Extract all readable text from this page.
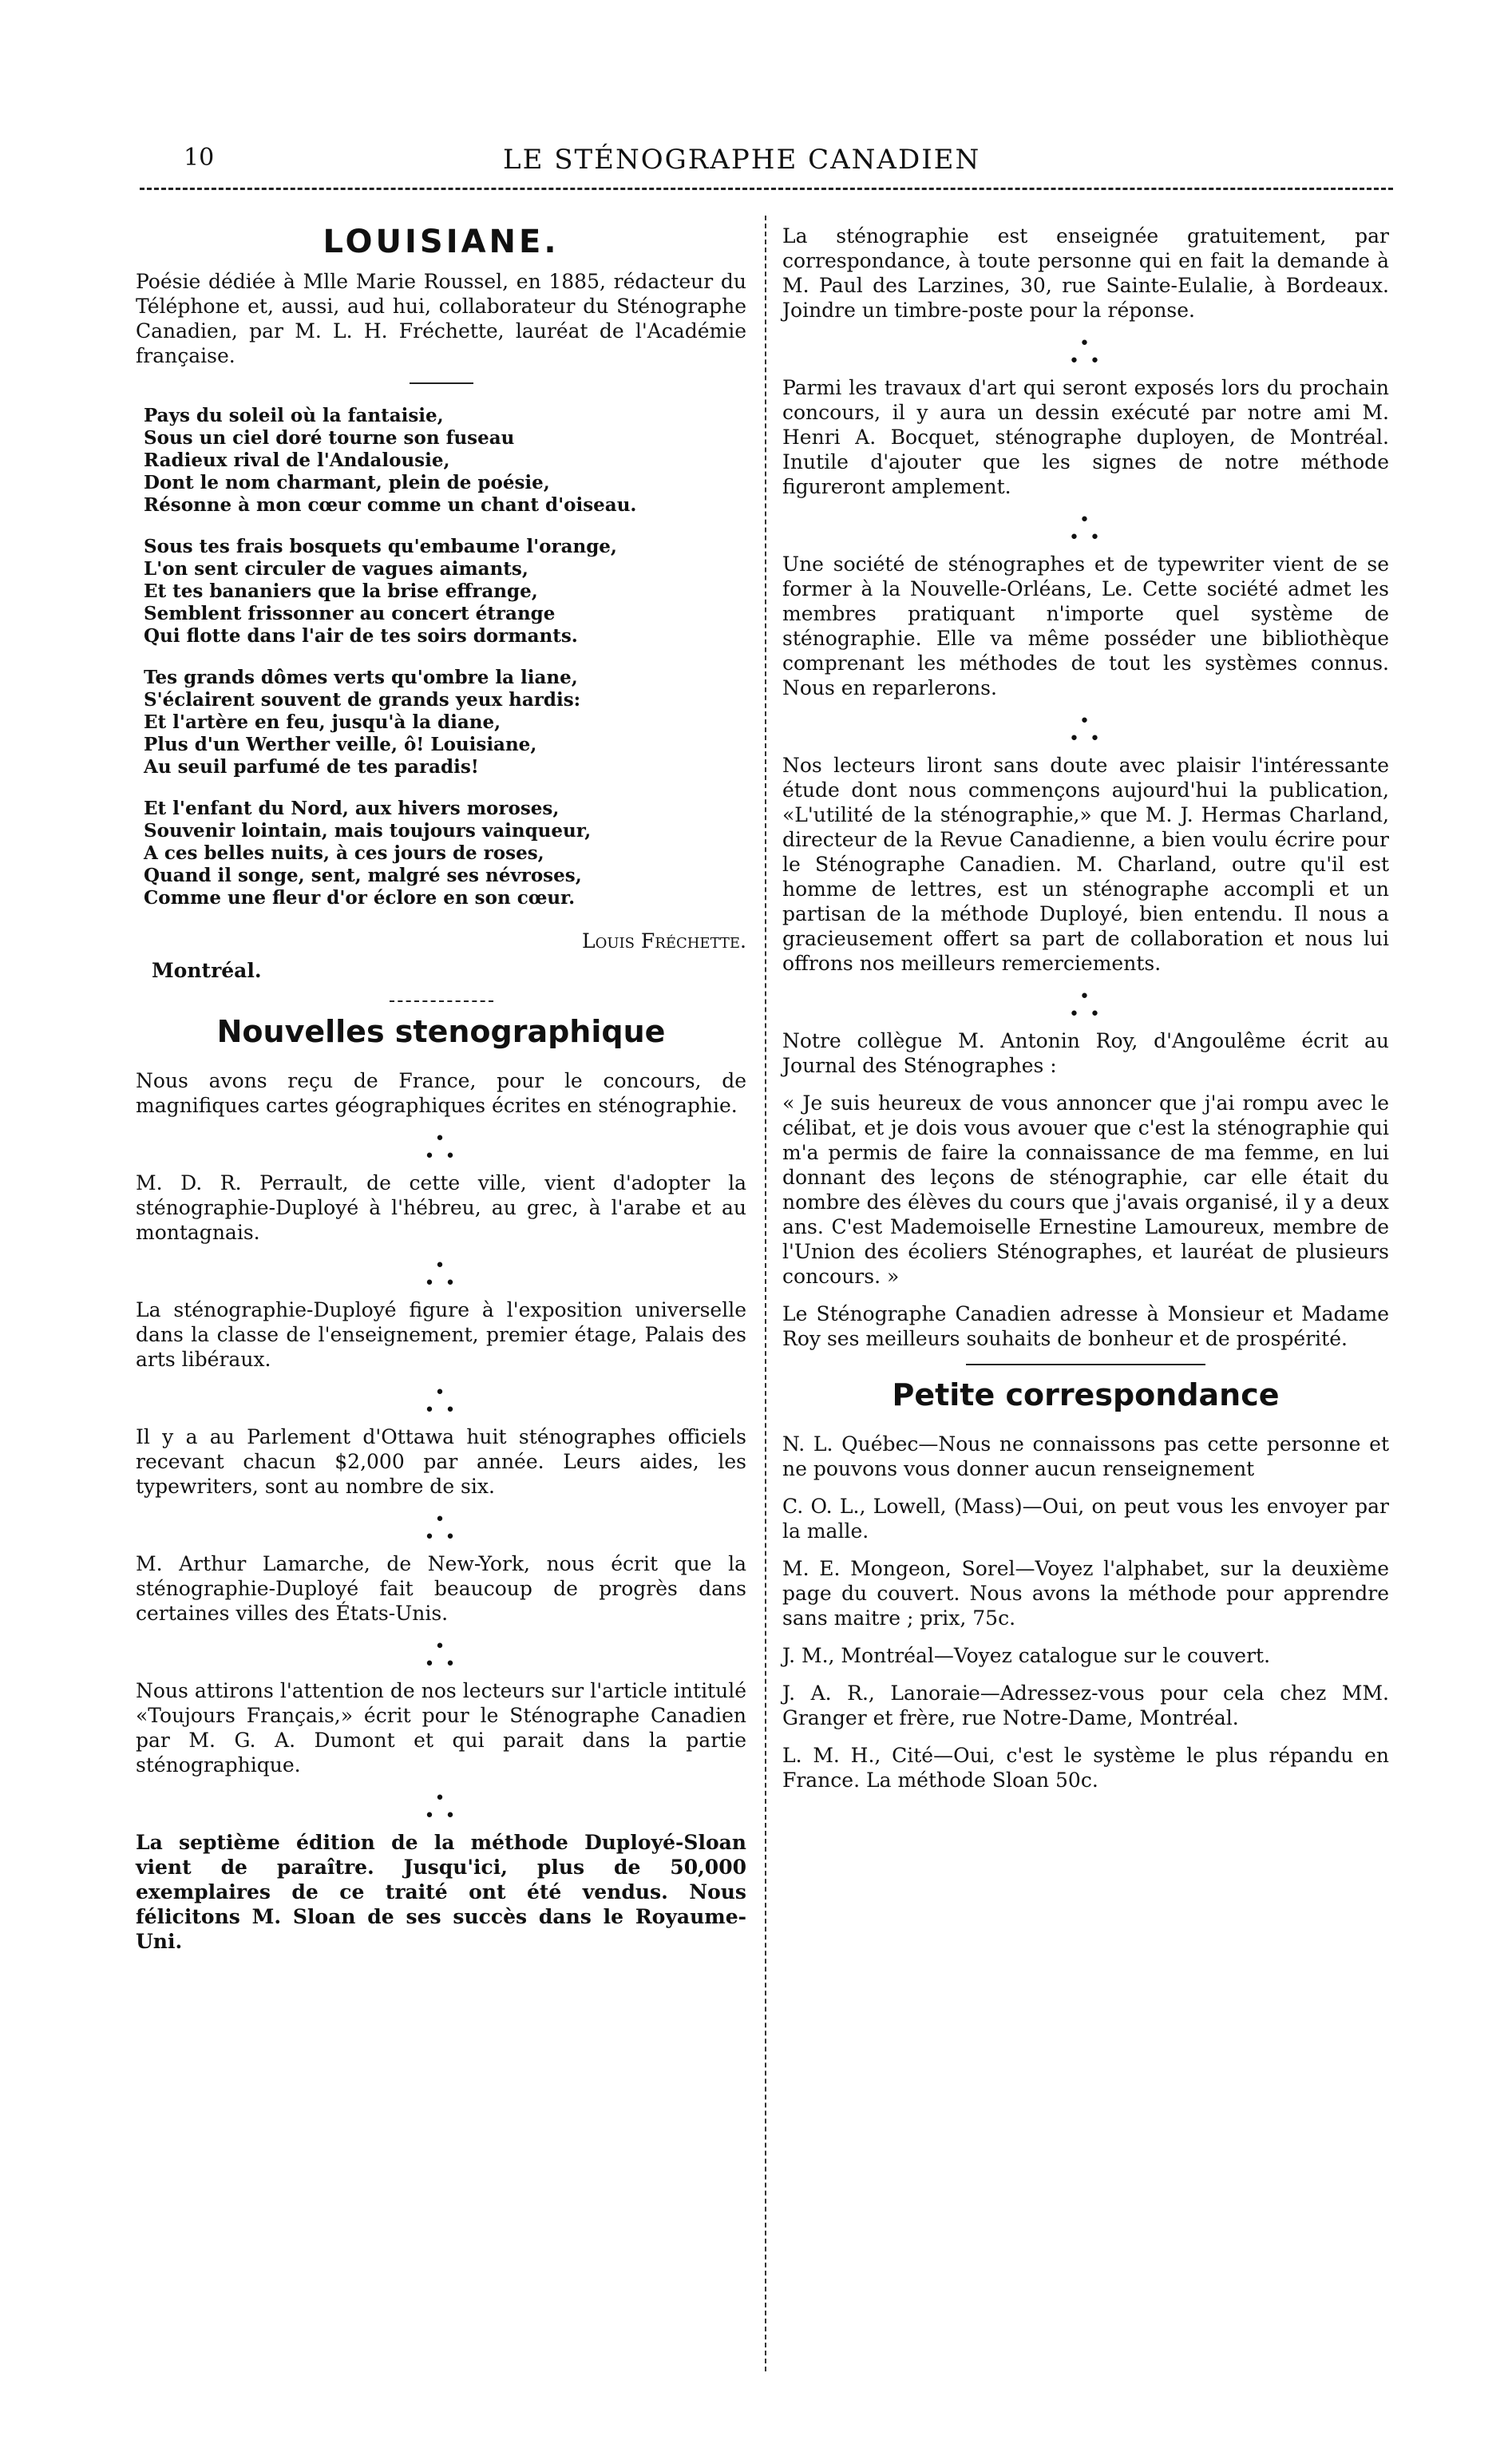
10	LE STÉNOGRAPHE CANADIEN
LOUISIANE.

Poésie dédiée à Mlle Marie Roussel, en 1885, rédacteur du Téléphone et, aussi, aud hui, collaborateur du Sténographe Canadien, par M. L. H. Fréchette, lauréat de l'Académie française.

Pays du soleil où la fantaisie,
Sous un ciel doré tourne son fuseau
Radieux rival de l'Andalousie,
Dont le nom charmant, plein de poésie,
Résonne à mon cœur comme un chant d'oiseau.
Sous tes frais bosquets qu'embaume l'orange,
L'on sent circuler de vagues aimants,
Et tes bananiers que la brise effrange,
Semblent frissonner au concert étrange
Qui flotte dans l'air de tes soirs dormants.
Tes grands dômes verts qu'ombre la liane,
S'éclairent souvent de grands yeux hardis:
Et l'artère en feu, jusqu'à la diane,
Plus d'un Werther veille, ô! Louisiane,
Au seuil parfumé de tes paradis!
Et l'enfant du Nord, aux hivers moroses,
Souvenir lointain, mais toujours vainqueur,
A ces belles nuits, à ces jours de roses,
Quand il songe, sent, malgré ses névroses,
Comme une fleur d'or éclore en son cœur.
Louis Fréchette.
Montréal.
Nouvelles stenographique

Nous avons reçu de France, pour le concours, de magnifiques cartes géographiques écrites en sténographie.

•
• •

M. D. R. Perrault, de cette ville, vient d'adopter la sténographie-Duployé à l'hébreu, au grec, à l'arabe et au montagnais.

•
• •

La sténographie-Duployé figure à l'exposition universelle dans la classe de l'enseignement, premier étage, Palais des arts libéraux.

•
• •

Il y a au Parlement d'Ottawa huit sténographes officiels recevant chacun $2,000 par année. Leurs aides, les typewriters, sont au nombre de six.

•
• •

M. Arthur Lamarche, de New-York, nous écrit que la sténographie-Duployé fait beaucoup de progrès dans certaines villes des États-Unis.

•
• •

Nous attirons l'attention de nos lecteurs sur l'article intitulé «Toujours Français,» écrit pour le Sténographe Canadien par M. G. A. Dumont et qui parait dans la partie sténographique.

•
• •

La septième édition de la méthode Duployé-Sloan vient de paraître. Jusqu'ici, plus de 50,000 exemplaires de ce traité ont été vendus. Nous félicitons M. Sloan de ses succès dans le Royaume-Uni.

La sténographie est enseignée gratuitement, par correspondance, à toute personne qui en fait la demande à M. Paul des Larzines, 30, rue Sainte-Eulalie, à Bordeaux. Joindre un timbre-poste pour la réponse.

•
• •

Parmi les travaux d'art qui seront exposés lors du prochain concours, il y aura un dessin exécuté par notre ami M. Henri A. Bocquet, sténographe duployen, de Montréal. Inutile d'ajouter que les signes de notre méthode figureront amplement.

•
• •

Une société de sténographes et de typewriter vient de se former à la Nouvelle-Orléans, Le. Cette société admet les membres pratiquant n'importe quel système de sténographie. Elle va même posséder une bibliothèque comprenant les méthodes de tout les systèmes connus. Nous en reparlerons.

•
• •

Nos lecteurs liront sans doute avec plaisir l'intéressante étude dont nous commençons aujourd'hui la publication, «L'utilité de la sténographie,» que M. J. Hermas Charland, directeur de la Revue Canadienne, a bien voulu écrire pour le Sténographe Canadien. M. Charland, outre qu'il est homme de lettres, est un sténographe accompli et un partisan de la méthode Duployé, bien entendu. Il nous a gracieusement offert sa part de collaboration et nous lui offrons nos meilleurs remerciements.

•
• •

Notre collègue M. Antonin Roy, d'Angoulême écrit au Journal des Sténographes :

« Je suis heureux de vous annoncer que j'ai rompu avec le célibat, et je dois vous avouer que c'est la sténographie qui m'a permis de faire la connaissance de ma femme, en lui donnant des leçons de sténographie, car elle était du nombre des élèves du cours que j'avais organisé, il y a deux ans. C'est Mademoiselle Ernestine Lamoureux, membre de l'Union des écoliers Sténographes, et lauréat de plusieurs concours. »

Le Sténographe Canadien adresse à Monsieur et Madame Roy ses meilleurs souhaits de bonheur et de prospérité.

Petite correspondance

N. L. Québec—Nous ne connaissons pas cette personne et ne pouvons vous donner aucun renseignement

C. O. L., Lowell, (Mass)—Oui, on peut vous les envoyer par la malle.

M. E. Mongeon, Sorel—Voyez l'alphabet, sur la deuxième page du couvert. Nous avons la méthode pour apprendre sans maitre ; prix, 75c.

J. M., Montréal—Voyez catalogue sur le couvert.

J. A. R., Lanoraie—Adressez-vous pour cela chez MM. Granger et frère, rue Notre-Dame, Montréal.

L. M. H., Cité—Oui, c'est le système le plus répandu en France. La méthode Sloan 50c.
